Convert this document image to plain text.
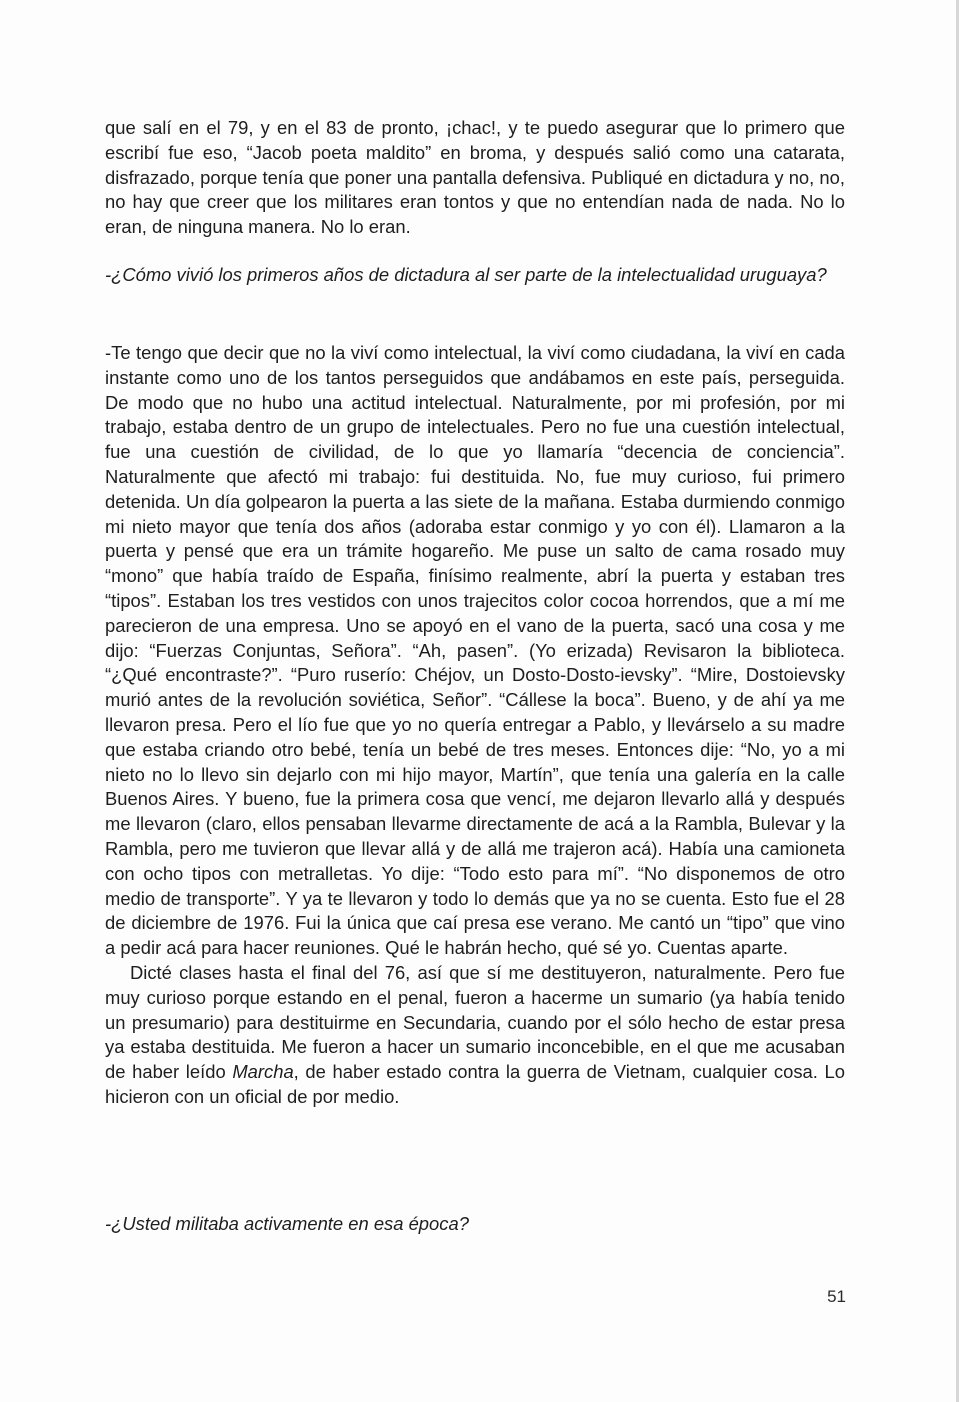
que salí en el 79, y en el 83 de pronto, ¡chac!, y te puedo asegurar que lo primero que escribí fue eso, “Jacob poeta maldito” en broma, y después salió como una catarata, disfrazado, porque tenía que poner una pantalla defensiva. Publiqué en dictadura y no, no, no hay que creer que los militares eran tontos y que no entendían nada de nada. No lo eran, de ninguna manera. No lo eran.

-¿Cómo vivió los primeros años de dictadura al ser parte de la intelectualidad uruguaya?

-Te tengo que decir que no la viví como intelectual, la viví como ciudadana, la viví en cada instante como uno de los tantos perseguidos que andábamos en este país, perseguida. De modo que no hubo una actitud intelectual. Naturalmente, por mi profesión, por mi trabajo, estaba dentro de un grupo de intelectuales. Pero no fue una cuestión intelectual, fue una cuestión de civilidad, de lo que yo llamaría “decencia de conciencia”. Naturalmente que afectó mi trabajo: fui destituida. No, fue muy curioso, fui primero detenida. Un día golpearon la puerta a las siete de la mañana. Estaba durmiendo conmigo mi nieto mayor que tenía dos años (adoraba estar conmigo y yo con él). Llamaron a la puerta y pensé que era un trámite hogareño. Me puse un salto de cama rosado muy “mono” que había traído de España, finísimo realmente, abrí la puerta y estaban tres “tipos”. Estaban los tres vestidos con unos trajecitos color cocoa horrendos, que a mí me parecieron de una empresa. Uno se apoyó en el vano de la puerta, sacó una cosa y me dijo: “Fuerzas Conjuntas, Señora”. “Ah, pasen”. (Yo erizada) Revisaron la biblioteca. “¿Qué encontraste?”. “Puro ruserío: Chéjov, un Dosto-Dosto-ievsky”. “Mire, Dostoievsky murió antes de la revolución soviética, Señor”. “Cállese la boca”. Bueno, y de ahí ya me llevaron presa. Pero el lío fue que yo no quería entregar a Pablo, y llevárselo a su madre que estaba criando otro bebé, tenía un bebé de tres meses. Entonces dije: “No, yo a mi nieto no lo llevo sin dejarlo con mi hijo mayor, Martín”, que tenía una galería en la calle Buenos Aires. Y bueno, fue la primera cosa que vencí, me dejaron llevarlo allá y después me llevaron (claro, ellos pensaban llevarme directamente de acá a la Rambla, Bulevar y la Rambla, pero me tuvieron que llevar allá y de allá me trajeron acá). Había una camioneta con ocho tipos con metralletas. Yo dije: “Todo esto para mí”. “No disponemos de otro medio de transporte”. Y ya te llevaron y todo lo demás que ya no se cuenta. Esto fue el 28 de diciembre de 1976. Fui la única que caí presa ese verano. Me cantó un “tipo” que vino a pedir acá para hacer reuniones. Qué le habrán hecho, qué sé yo. Cuentas aparte.

Dicté clases hasta el final del 76, así que sí me destituyeron, naturalmente. Pero fue muy curioso porque estando en el penal, fueron a hacerme un sumario (ya había tenido un presumario) para destituirme en Secundaria, cuando por el sólo hecho de estar presa ya estaba destituida. Me fueron a hacer un sumario inconcebible, en el que me acusaban de haber leído Marcha, de haber estado contra la guerra de Vietnam, cualquier cosa. Lo hicieron con un oficial de por medio.

-¿Usted militaba activamente en esa época?

51
